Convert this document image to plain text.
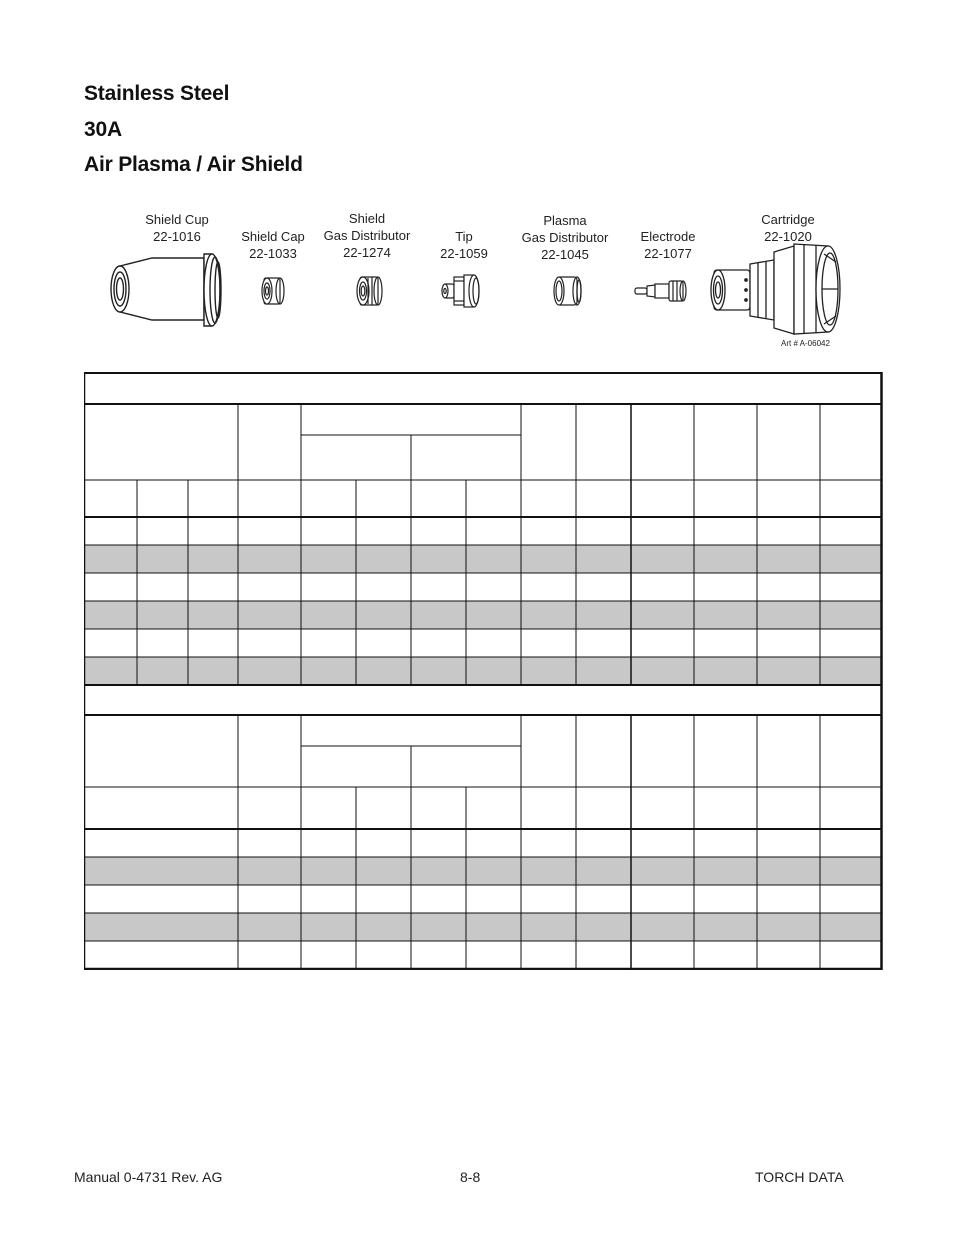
Stainless Steel
30A
Air Plasma / Air Shield
Shield Cup
22-1016	Shield Cap
22-1033
Shield
Gas Distributor
22-1274
Tip
22-1059
Plasma
Gas Distributor
22-1045
Electrode
22-1077
Cartridge
22-1020
Art # A-06042
Manual 0-4731 Rev. AG	8-8	TORCH DATA
